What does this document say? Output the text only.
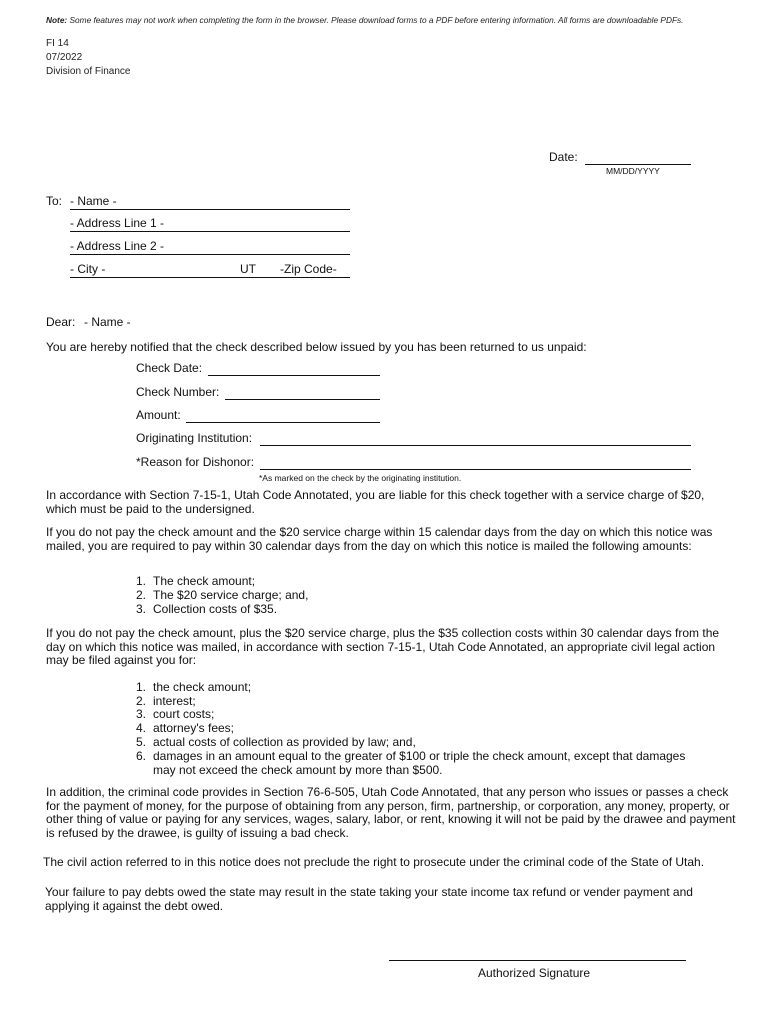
Note: Some features may not work when completing the form in the browser. Please download forms to a PDF before entering information. All forms are downloadable PDFs.
FI 14
07/2022
Division of Finance
Date:
MM/DD/YYYY
To: - Name -
- Address Line 1 -
- Address Line 2 -
- City -	UT	-Zip Code-
Dear: - Name -
You are hereby notified that the check described below issued by you has been returned to us unpaid:
Check Date:
Check Number:
Amount:
Originating Institution:
*Reason for Dishonor:
*As marked on the check by the originating institution.
In accordance with Section 7-15-1, Utah Code Annotated, you are liable for this check together with a service charge of $20, which must be paid to the undersigned.
If you do not pay the check amount and the $20 service charge within 15 calendar days from the day on which this notice was mailed, you are required to pay within 30 calendar days from the day on which this notice is mailed the following amounts:
1. The check amount;
2. The $20 service charge; and,
3. Collection costs of $35.
If you do not pay the check amount, plus the $20 service charge, plus the $35 collection costs within 30 calendar days from the day on which this notice was mailed, in accordance with section 7-15-1, Utah Code Annotated, an appropriate civil legal action may be filed against you for:
1. the check amount;
2. interest;
3. court costs;
4. attorney's fees;
5. actual costs of collection as provided by law; and,
6. damages in an amount equal to the greater of $100 or triple the check amount, except that damages may not exceed the check amount by more than $500.
In addition, the criminal code provides in Section 76-6-505, Utah Code Annotated, that any person who issues or passes a check for the payment of money, for the purpose of obtaining from any person, firm, partnership, or corporation, any money, property, or other thing of value or paying for any services, wages, salary, labor, or rent, knowing it will not be paid by the drawee and payment is refused by the drawee, is guilty of issuing a bad check.
The civil action referred to in this notice does not preclude the right to prosecute under the criminal code of the State of Utah.
Your failure to pay debts owed the state may result in the state taking your state income tax refund or vender payment and applying it against the debt owed.
Authorized Signature
